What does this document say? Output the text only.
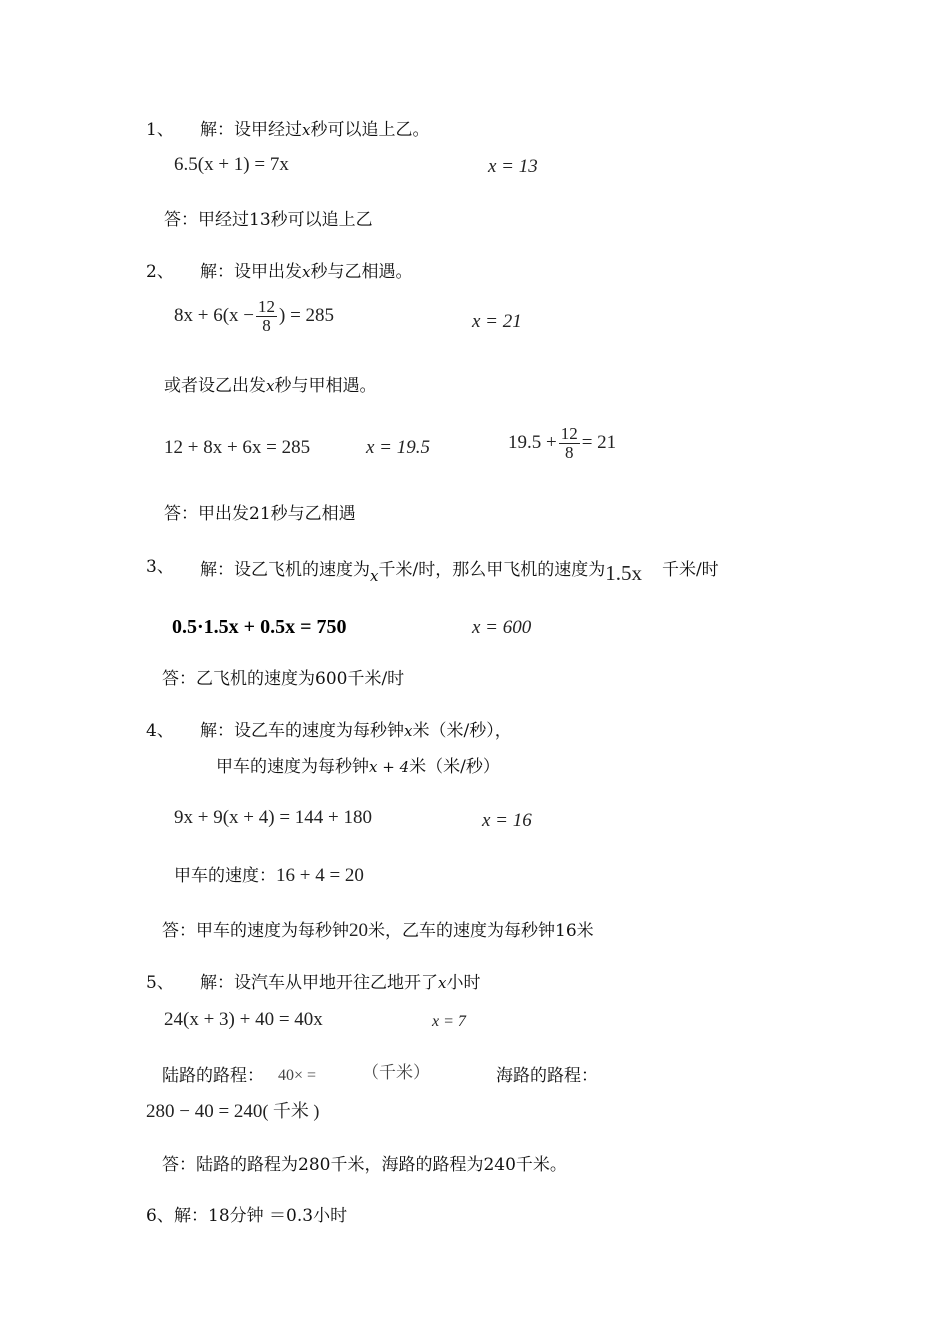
1、 解：设甲经过x秒可以追上乙。
6.5(x + 1) = 7x	x = 13
答：甲经过13秒可以追上乙
2、 解：设甲出发x秒与乙相遇。
$8x + 6(x - \frac{12}{8}$ ) = 285	x = 21
或者设乙出发x秒与甲相遇。
12 + 8x + 6x = 285	x = 19.5	$19.5 + \frac{12}{8} = 21$
答：甲出发21秒与乙相遇
3、 解：设乙飞机的速度为x千米/时，那么甲飞机的速度为1.5x 千米/时
0.5·1.5x + 0.5x = 750	x = 600
答：乙飞机的速度为600千米/时
4、 解：设乙车的速度为每秒钟x米（米/秒），
甲车的速度为每秒钟x + 4米（米/秒）
9x + 9(x + 4) = 144 + 180	x = 16
甲车的速度：16 + 4 = 20
答：甲车的速度为每秒钟20米，乙车的速度为每秒钟16米
5、 解：设汽车从甲地开往乙地开了x小时
24(x + 3) + 40 = 40x	x = 7
陆路的路程： 40× =	（千米）	海路的路程：
280 − 40 = 240( 千米 )
答：陆路的路程为280千米，海路的路程为240千米。
6、 解：18分钟 ＝0.3小时
